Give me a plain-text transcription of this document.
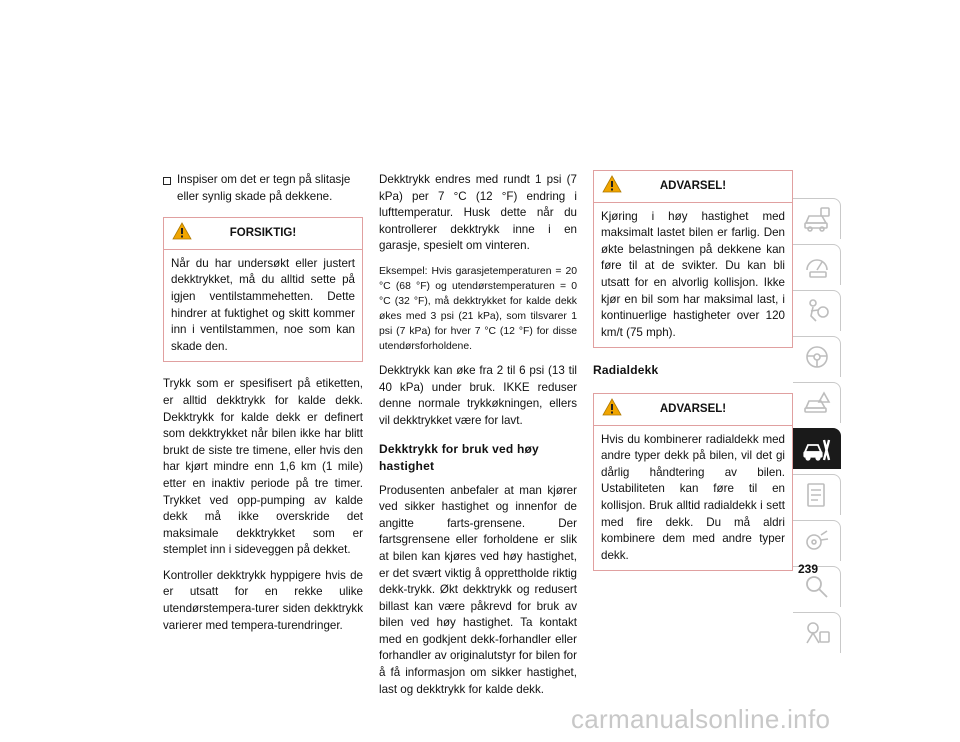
Inspiser om det er tegn på slitasje eller synlig skade på dekkene.
FORSIKTIG!

Når du har undersøkt eller justert dekktrykket, må du alltid sette på igjen ventilstammehetten. Dette hindrer at fuktighet og skitt kommer inn i ventilstammen, noe som kan skade den.

Trykk som er spesifisert på etiketten, er alltid dekktrykk for kalde dekk. Dekktrykk for kalde dekk er definert som dekktrykket når bilen ikke har blitt brukt de siste tre timene, eller hvis den har kjørt mindre enn 1,6 km (1 mile) etter en inaktiv periode på tre timer. Trykket ved opp-pumping av kalde dekk må ikke overskride det maksimale dekktrykket som er stemplet inn i sideveggen på dekket.

Kontroller dekktrykk hyppigere hvis de er utsatt for en rekke ulike utendørstempera-turer siden dekktrykk varierer med tempera-turendringer.

Dekktrykk endres med rundt 1 psi (7 kPa) per 7 °C (12 °F) endring i lufttemperatur. Husk dette når du kontrollerer dekktrykk inne i en garasje, spesielt om vinteren.

Eksempel: Hvis garasjetemperaturen = 20 °C (68 °F) og utendørstemperaturen = 0 °C (32 °F), må dekktrykket for kalde dekk økes med 3 psi (21 kPa), som tilsvarer 1 psi (7 kPa) for hver 7 °C (12 °F) for disse utendørsforholdene.

Dekktrykk kan øke fra 2 til 6 psi (13 til 40 kPa) under bruk. IKKE reduser denne normale trykkøkningen, ellers vil dekktrykket være for lavt.

Dekktrykk for bruk ved høy hastighet

Produsenten anbefaler at man kjører ved sikker hastighet og innenfor de angitte farts-grensene. Der fartsgrensene eller forholdene er slik at bilen kan kjøres ved høy hastighet, er det svært viktig å opprettholde riktig dekk-trykk. Økt dekktrykk og redusert billast kan være påkrevd for bruk av bilen ved høy hastighet. Ta kontakt med en godkjent dekk-forhandler eller forhandler av originalutstyr for bilen for å få informasjon om sikker hastighet, last og dekktrykk for kalde dekk.

ADVARSEL!

Kjøring i høy hastighet med maksimalt lastet bilen er farlig. Den økte belastningen på dekkene kan føre til at de svikter. Du kan bli utsatt for en alvorlig kollisjon. Ikke kjør en bil som har maksimal last, i kontinuerlige hastigheter over 120 km/t (75 mph).

Radialdekk
ADVARSEL!

Hvis du kombinerer radialdekk med andre typer dekk på bilen, vil det gi dårlig håndtering av bilen. Ustabiliteten kan føre til en kollisjon. Bruk alltid radialdekk i sett med fire dekk. Du må aldri kombinere dem med andre typer dekk.

239
carmanualsonline.info
